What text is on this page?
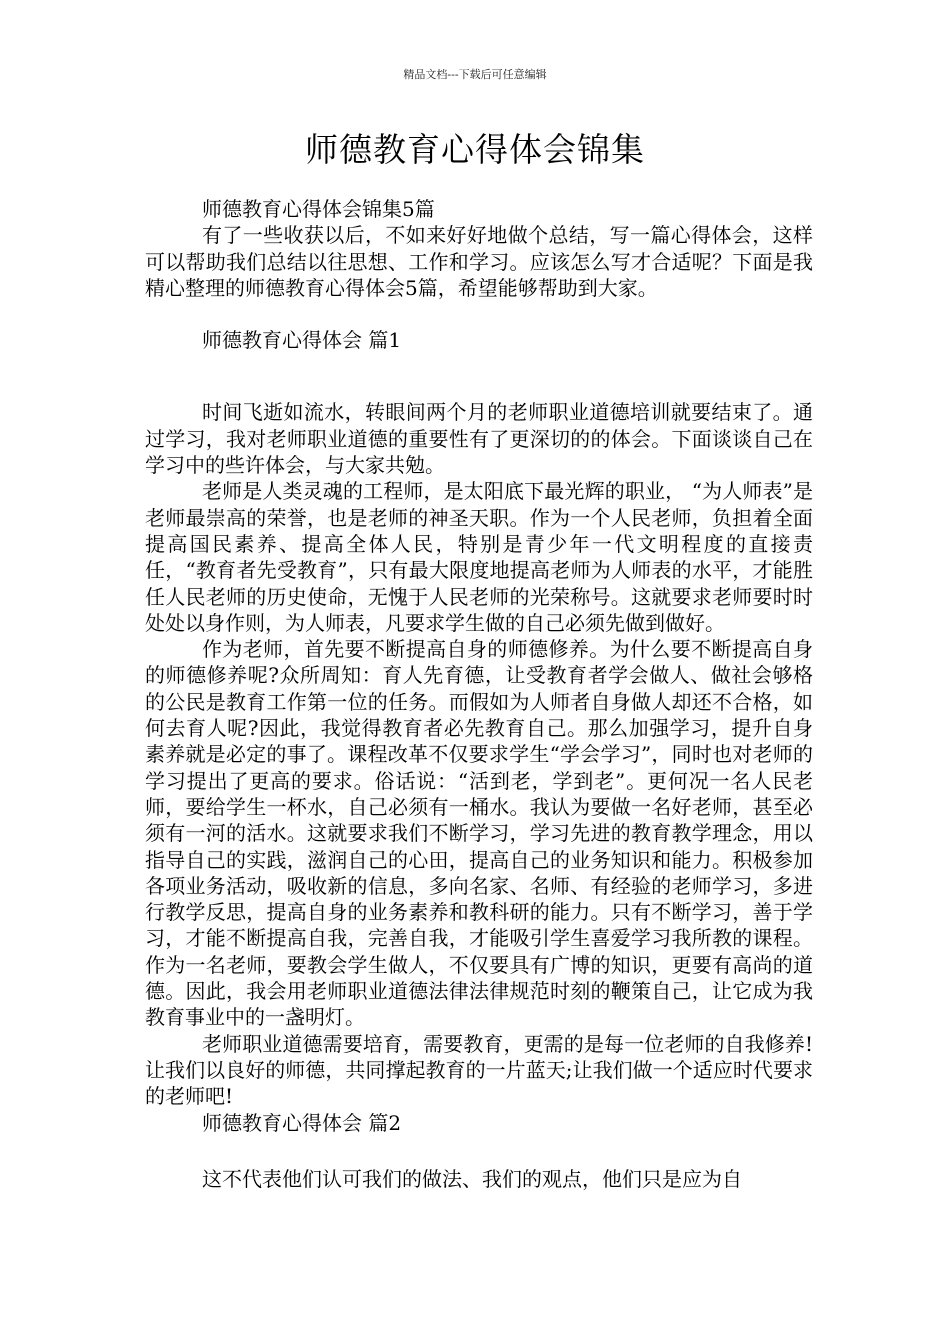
精品文档---下载后可任意编辑
师德教育心得体会锦集

师德教育心得体会锦集5篇

有了一些收获以后，不如来好好地做个总结，写一篇心得体会，这样可以帮助我们总结以往思想、工作和学习。应该怎么写才合适呢？下面是我精心整理的师德教育心得体会5篇，希望能够帮助到大家。

师德教育心得体会 篇1

时间飞逝如流水，转眼间两个月的老师职业道德培训就要结束了。通过学习，我对老师职业道德的重要性有了更深切的的体会。下面谈谈自己在学习中的些许体会，与大家共勉。

老师是人类灵魂的工程师，是太阳底下最光辉的职业， “为人师表”是老师最崇高的荣誉，也是老师的神圣天职。作为一个人民老师，负担着全面提高国民素养、提高全体人民，特别是青少年一代文明程度的直接责任，“教育者先受教育”，只有最大限度地提高老师为人师表的水平，才能胜任人民老师的历史使命，无愧于人民老师的光荣称号。这就要求老师要时时处处以身作则，为人师表，凡要求学生做的自己必须先做到做好。

作为老师，首先要不断提高自身的师德修养。为什么要不断提高自身的师德修养呢?众所周知：育人先育德，让受教育者学会做人、做社会够格的公民是教育工作第一位的任务。而假如为人师者自身做人却还不合格，如何去育人呢?因此，我觉得教育者必先教育自己。那么加强学习，提升自身素养就是必定的事了。课程改革不仅要求学生“学会学习”，同时也对老师的学习提出了更高的要求。俗话说：“活到老，学到老”。更何况一名人民老师，要给学生一杯水，自己必须有一桶水。我认为要做一名好老师，甚至必须有一河的活水。这就要求我们不断学习，学习先进的教育教学理念，用以指导自己的实践，滋润自己的心田，提高自己的业务知识和能力。积极参加各项业务活动，吸收新的信息，多向名家、名师、有经验的老师学习，多进行教学反思，提高自身的业务素养和教科研的能力。只有不断学习，善于学习，才能不断提高自我，完善自我，才能吸引学生喜爱学习我所教的课程。作为一名老师，要教会学生做人，不仅要具有广博的知识，更要有高尚的道德。因此，我会用老师职业道德法律法律规范时刻的鞭策自己，让它成为我教育事业中的一盏明灯。

老师职业道德需要培育，需要教育，更需的是每一位老师的自我修养!让我们以良好的师德，共同撑起教育的一片蓝天;让我们做一个适应时代要求的老师吧!

师德教育心得体会 篇2

这不代表他们认可我们的做法、我们的观点，他们只是应为自
